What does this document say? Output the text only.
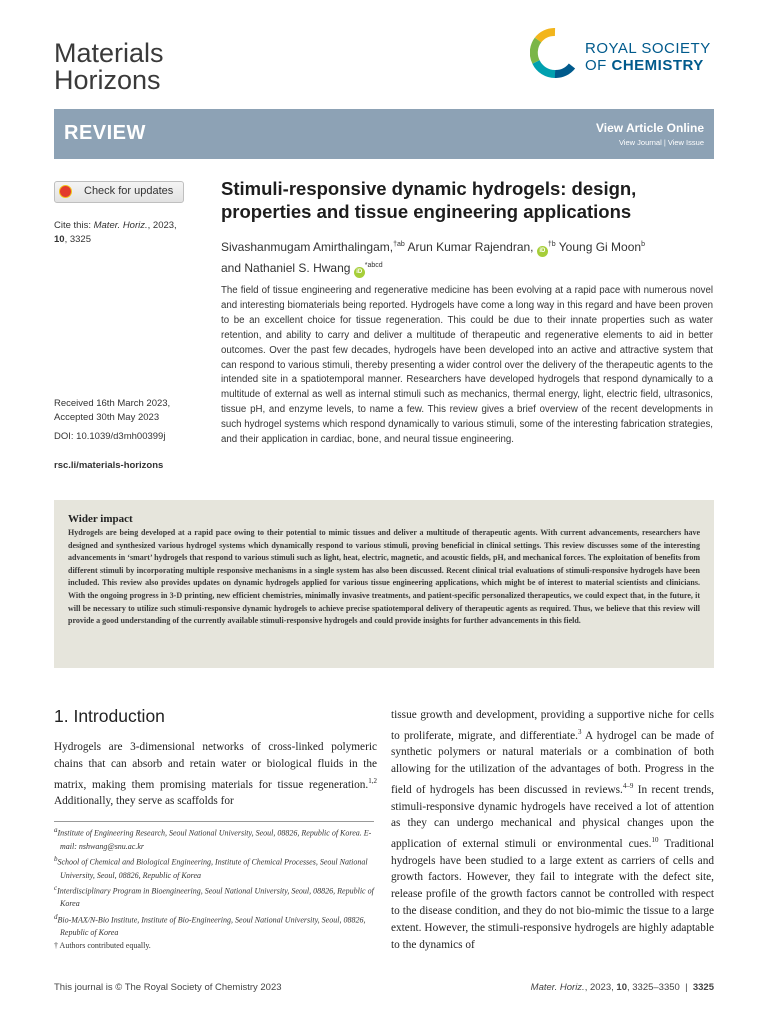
Materials
Horizons
ROYAL SOCIETY
OF CHEMISTRY
REVIEW	View Article Online
View Journal | View Issue
Check for updates
Cite this: Mater. Horiz., 2023,
10, 3325
Received 16th March 2023,
Accepted 30th May 2023
DOI: 10.1039/d3mh00399j
rsc.li/materials-horizons
Stimuli-responsive dynamic hydrogels: design, properties and tissue engineering applications
Sivashanmugam Amirthalingam,$^{\dagger ab}$ Arun Kumar Rajendran, $iD^{\dagger b}$ Young Gi Moon$^b$
and Nathaniel S. Hwang $iD^{*abcd}$
The field of tissue engineering and regenerative medicine has been evolving at a rapid pace with numerous novel and interesting biomaterials being reported. Hydrogels have come a long way in this regard and have been proven to be an excellent choice for tissue regeneration. This could be due to their innate properties such as water retention, and ability to carry and deliver a multitude of therapeutic and regenerative elements to aid in better outcomes. Over the past few decades, hydrogels have been developed into an active and attractive system that can respond to various stimuli, thereby presenting a wider control over the delivery of the therapeutic agents to the intended site in a spatiotemporal manner. Researchers have developed hydrogels that respond dynamically to a multitude of external as well as internal stimuli such as mechanics, thermal energy, light, electric field, ultrasonics, tissue pH, and enzyme levels, to name a few. This review gives a brief overview of the recent developments in such hydrogel systems which respond dynamically to various stimuli, some of the interesting fabrication strategies, and their application in cardiac, bone, and neural tissue engineering.
Wider impact
Hydrogels are being developed at a rapid pace owing to their potential to mimic tissues and deliver a multitude of therapeutic agents. With current advancements, researchers have designed and synthesized various hydrogel systems which dynamically respond to various stimuli, proving beneficial in clinical settings. This review discusses some of the interesting advancements in ‘smart’ hydrogels that respond to various stimuli such as light, heat, electric, magnetic, and acoustic fields, pH, and mechanical forces. The exploitation of benefits from different stimuli by incorporating multiple responsive mechanisms in a single system has also been discussed. Recent clinical trial evaluations of stimuli-responsive hydrogels have been included. This review also provides updates on dynamic hydrogels applied for various tissue engineering applications, which might be of interest to material scientists and clinicians. With the ongoing progress in 3-D printing, new efficient chemistries, minimally invasive treatments, and patient-specific personalized therapeutics, we could expect that, in the future, it will be necessary to utilize such stimuli-responsive dynamic hydrogels to achieve precise spatiotemporal delivery of therapeutic agents as required. Thus, we believe that this review will provide a good understanding of the currently available stimuli-responsive hydrogels and could provide insights for further advancements in this field.
1. Introduction
Hydrogels are 3-dimensional networks of cross-linked polymeric chains that can absorb and retain water or biological fluids in the matrix, making them promising materials for tissue regeneration.$^{1,2}$ Additionally, they serve as scaffolds for

$^a$Institute of Engineering Research, Seoul National University, Seoul, 08826, Republic of Korea. E-mail: nshwang@snu.ac.kr

$^b$School of Chemical and Biological Engineering, Institute of Chemical Processes, Seoul National University, Seoul, 08826, Republic of Korea

$^c$Interdisciplinary Program in Bioengineering, Seoul National University, Seoul, 08826, Republic of Korea

$^d$Bio-MAX/N-Bio Institute, Institute of Bio-Engineering, Seoul National University, Seoul, 08826, Republic of Korea

† Authors contributed equally.

tissue growth and development, providing a supportive niche for cells to proliferate, migrate, and differentiate.$^3$ A hydrogel can be made of synthetic polymers or natural materials or a combination of both allowing for the utilization of the advantages of both. Progress in the field of hydrogels has been discussed in reviews.$^{4-9}$ In recent trends, stimuli-responsive dynamic hydrogels have received a lot of attention as they can undergo mechanical and physical changes upon the application of external stimuli or environmental cues.$^{10}$ Traditional hydrogels have been studied to a large extent as carriers of cells and growth factors. However, they fail to integrate with the defect site, release profile of the growth factors cannot be controlled with respect to the disease condition, and they do not bio-mimic the tissue to a large extent. However, the stimuli-responsive hydrogels are highly adaptable to the dynamics of
This journal is © The Royal Society of Chemistry 2023	Mater. Horiz., 2023, 10, 3325–3350  |  3325
